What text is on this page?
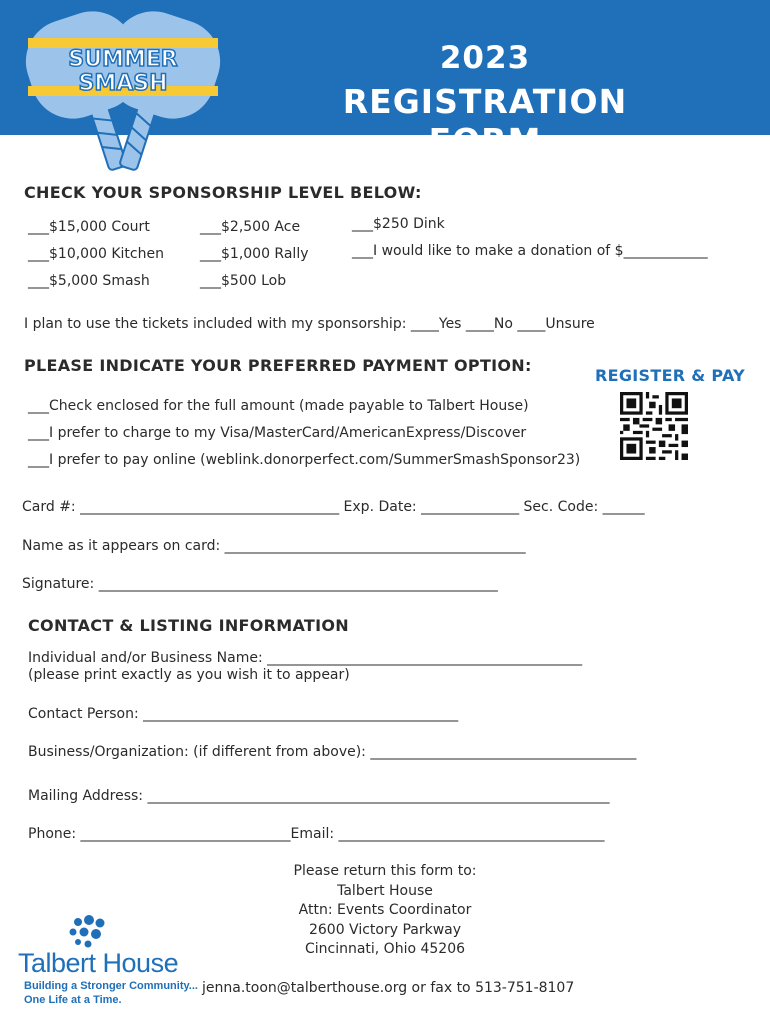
SUMMER
SMASH
2023
REGISTRATION FORM
CHECK YOUR SPONSORSHIP LEVEL BELOW:
___$15,000 Court
___$10,000 Kitchen
___$5,000 Smash
___$2,500 Ace
___$1,000 Rally
___$500 Lob
___$250 Dink
___I would like to make a donation of $____________
I plan to use the tickets included with my sponsorship: ____Yes ____No ____Unsure
PLEASE INDICATE YOUR PREFERRED PAYMENT OPTION:
REGISTER & PAY
___Check enclosed for the full amount (made payable to Talbert House)
___I prefer to charge to my Visa/MasterCard/AmericanExpress/Discover
___I prefer to pay online (weblink.donorperfect.com/SummerSmashSponsor23)
Card #: _____________________________________ Exp. Date: ______________ Sec. Code: ______
Name as it appears on card: ___________________________________________
Signature: _________________________________________________________
CONTACT & LISTING INFORMATION
Individual and/or Business Name: _____________________________________________
(please print exactly as you wish it to appear)
Contact Person: _____________________________________________
Business/Organization: (if different from above): ______________________________________
Mailing Address: __________________________________________________________________
Phone: ______________________________Email: ______________________________________
Please return this form to:
Talbert House
Attn: Events Coordinator
2600 Victory Parkway
Cincinnati, Ohio 45206
jenna.toon@talberthouse.org or fax to 513-751-8107
Talbert House
Building a Stronger Community...
One Life at a Time.
